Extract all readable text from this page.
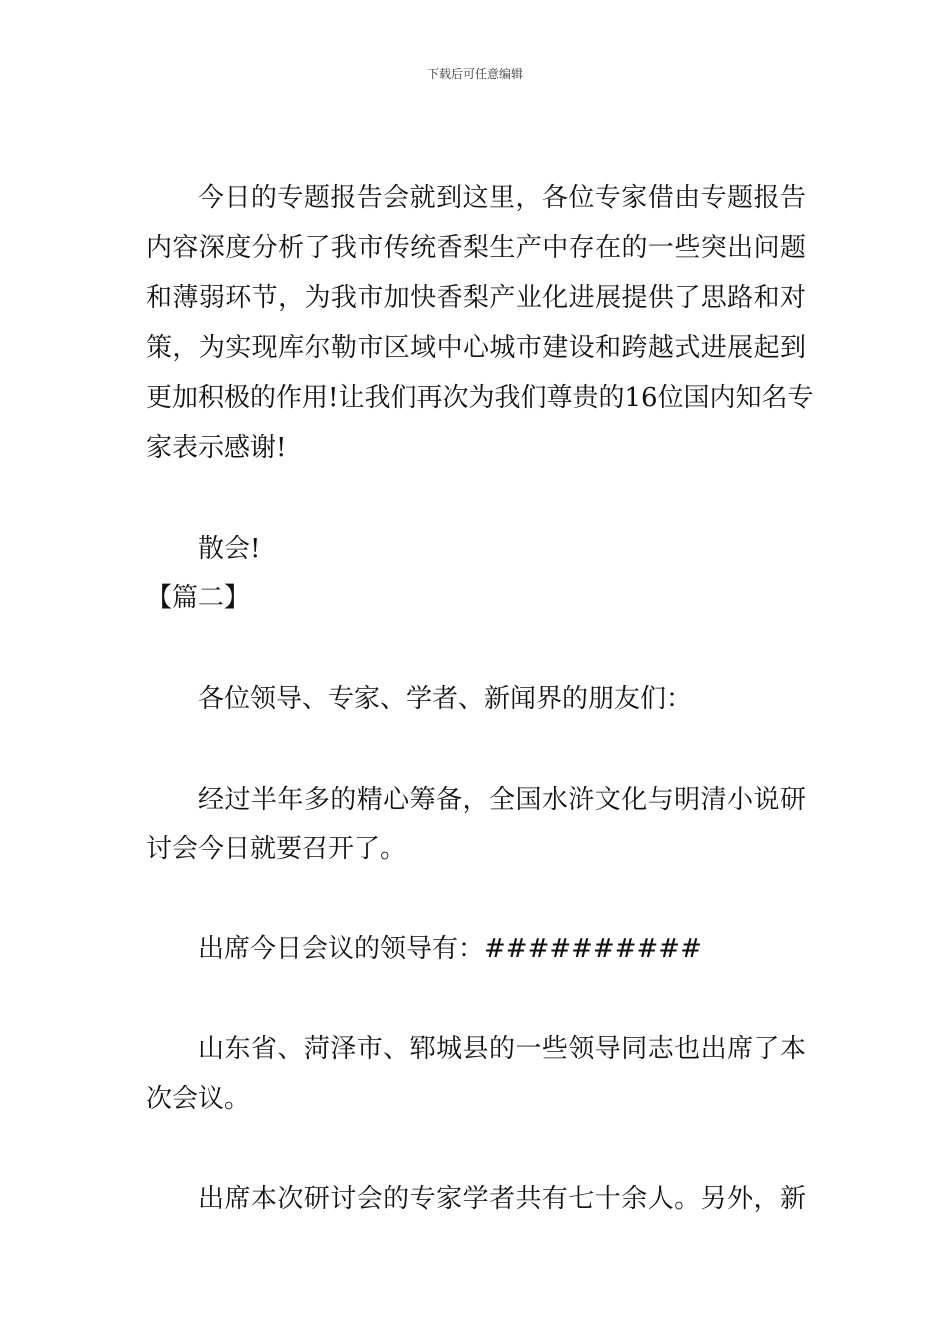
下载后可任意编辑
今日的专题报告会就到这里，各位专家借由专题报告
内容深度分析了我市传统香梨生产中存在的一些突出问题
和薄弱环节，为我市加快香梨产业化进展提供了思路和对
策，为实现库尔勒市区域中心城市建设和跨越式进展起到
更加积极的作用!让我们再次为我们尊贵的16位国内知名专
家表示感谢!
散会!
【篇二】
各位领导、专家、学者、新闻界的朋友们：
经过半年多的精心筹备，全国水浒文化与明清小说研
讨会今日就要召开了。
出席今日会议的领导有：##########
山东省、菏泽市、郓城县的一些领导同志也出席了本
次会议。
出席本次研讨会的专家学者共有七十余人。另外，新
